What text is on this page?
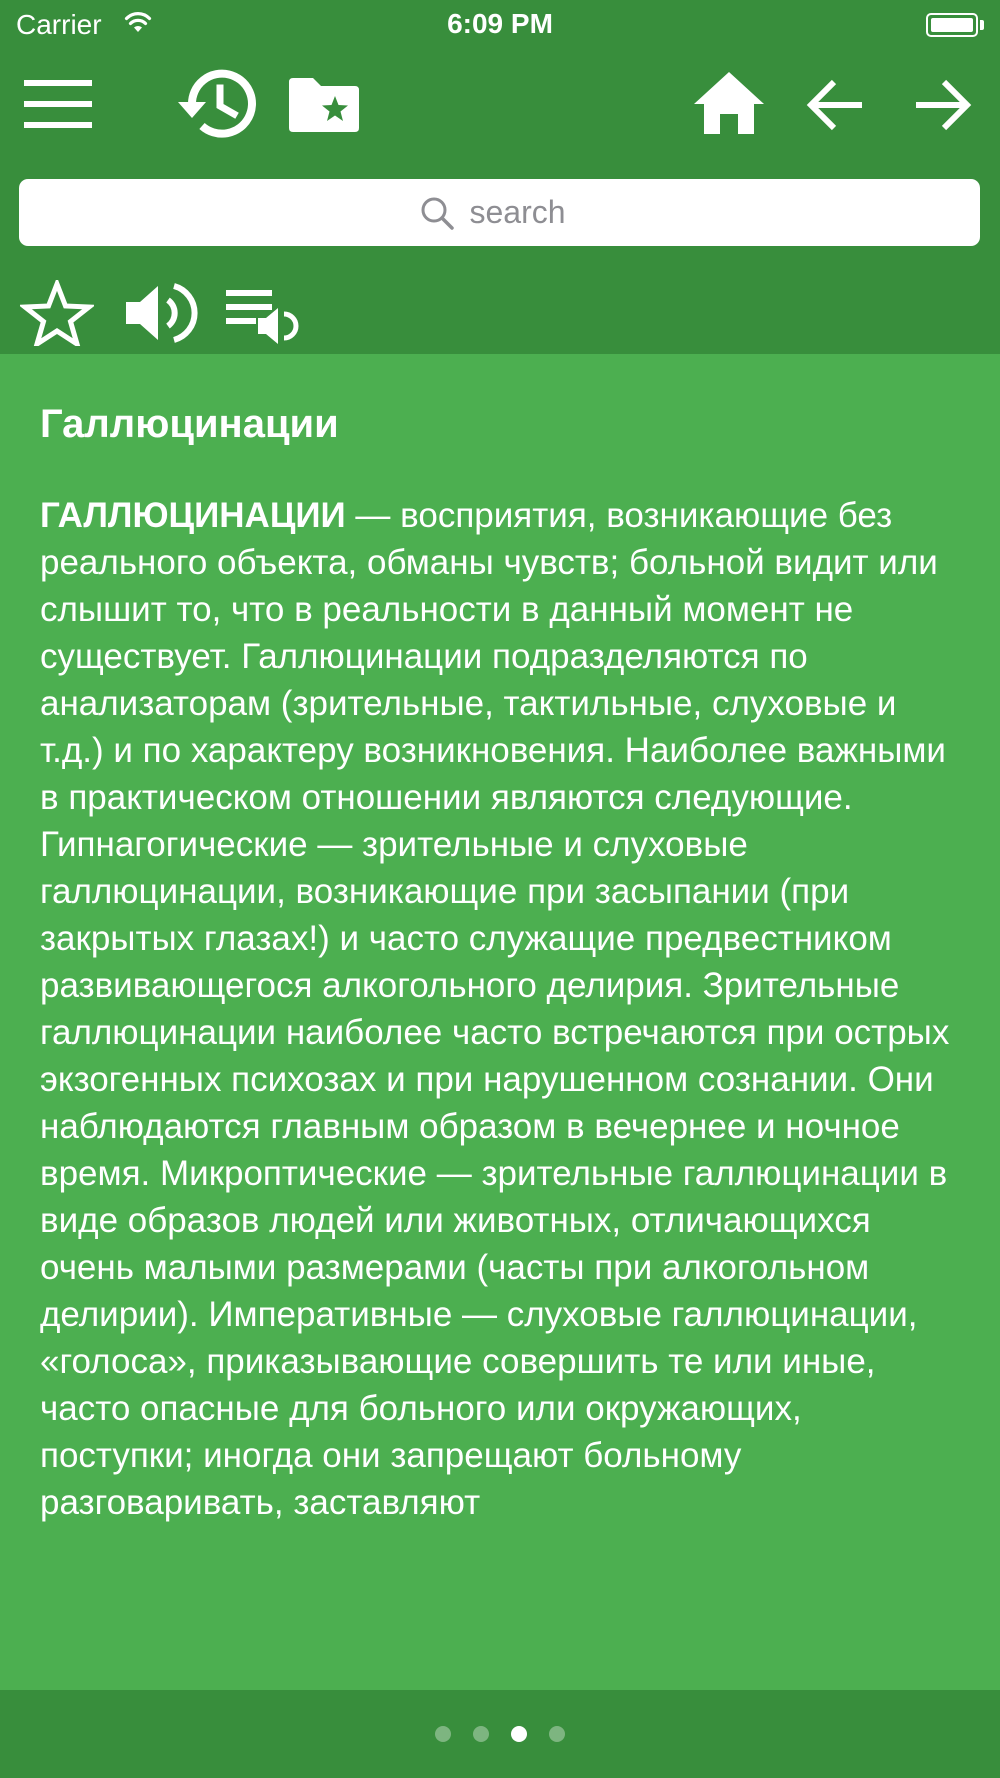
Carrier	6:09 PM
search
Галлюцинации

ГАЛЛЮЦИНАЦИИ — восприятия, возникающие без реального объекта, обманы чувств; больной видит или слышит то, что в реальности в данный момент не существует. Галлюцинации подразделяются по анализаторам (зрительные, тактильные, слуховые и т.д.) и по характеру возникновения. Наиболее важными в практическом отношении являются следующие. Гипнагогические — зрительные и слуховые галлюцинации, возникающие при засыпании (при закрытых глазах!) и часто служащие предвестником развивающегося алкогольного делирия. Зрительные галлюцинации наиболее часто встречаются при острых экзогенных психозах и при нарушенном сознании. Они наблюдаются главным образом в вечернее и ночное время. Микроптические — зрительные галлюцинации в виде образов людей или животных, отличающихся очень малыми размерами (часты при алкогольном делирии). Императивные — слуховые галлюцинации, «голоса», приказывающие совершить те или иные, часто опасные для больного или окружающих, поступки; иногда они запрещают больному разговаривать, заставляют
